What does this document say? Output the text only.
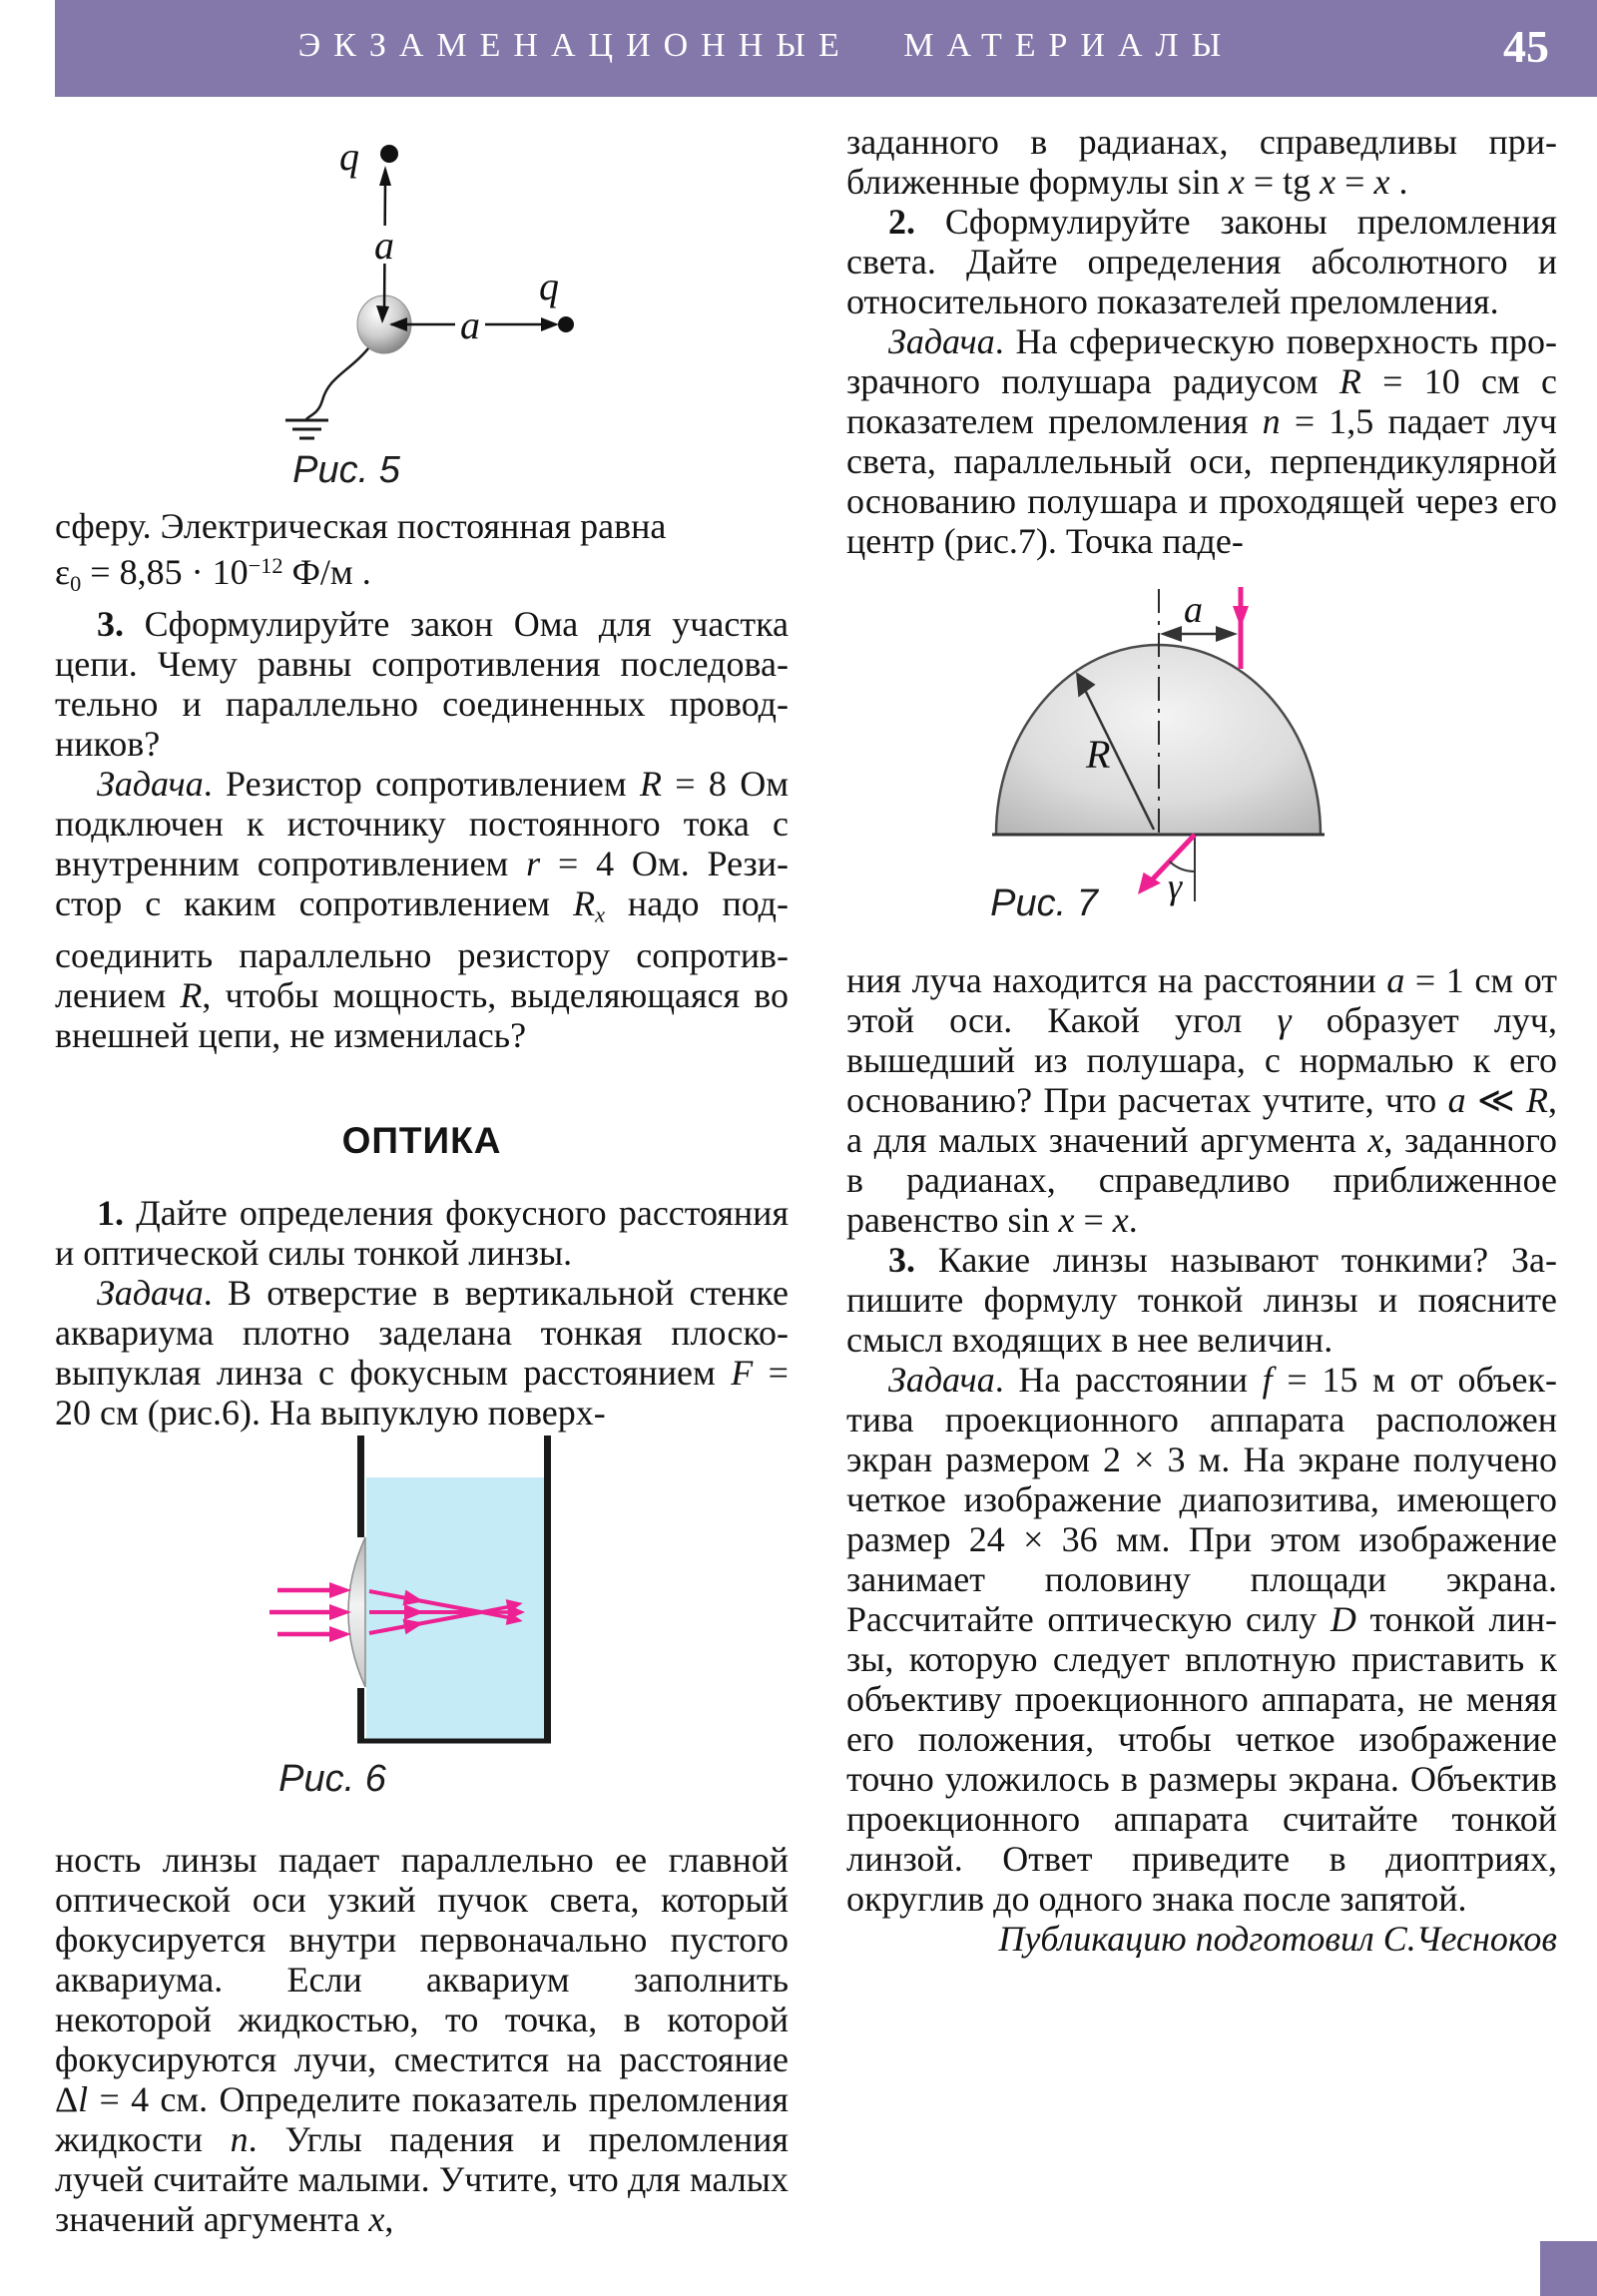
ЭКЗАМЕНАЦИОННЫЕ МАТЕРИАЛЫ	45
a
a
q
q
Рис. 5
Рис. 6
a
R
γ
Рис. 7

сферу. Электрическая постоянная равна

$\varepsilon 0 = 8,85 \cdot 10^{-12}$ Ф/м .

3. Сформулируйте закон Ома для участка цепи. Чему равны сопротивления последовательно и параллельно соединенных проводников?

Задача. Резистор сопротивлением R = 8 Ом подключен к источнику постоянного тока с внутренним сопротивлением r = 4 Ом. Резистор с каким сопротивлением Rx надо подсоединить параллельно резистору сопротивлением R, чтобы мощность, выделяющаяся во внешней цепи, не изменилась?

ОПТИКА

1. Дайте определения фокусного расстояния и оптической силы тонкой линзы.

Задача. В отверстие в вертикальной стенке аквариума плотно заделана тонкая плосковыпуклая линза с фокусным расстоянием F = 20 см (рис.6). На выпуклую поверх-

ность линзы падает параллельно ее главной оптической оси узкий пучок света, который фокусируется внутри первоначально пустого аквариума. Если аквариум заполнить некоторой жидкостью, то точка, в которой фокусируются лучи, сместится на расстояние Δl = 4 см. Определите показатель преломления жидкости n. Углы падения и преломления лучей считайте малыми. Учтите, что для малых значений аргумента x,

заданного в радианах, справедливы приближенные формулы sin x = tg x = x .

2. Сформулируйте законы преломления света. Дайте определения абсолютного и относительного показателей преломления.

Задача. На сферическую поверхность прозрачного полушара радиусом R = 10 см с показателем преломления n = 1,5 падает луч света, параллельный оси, перпендикулярной основанию полушара и проходящей через его центр (рис.7). Точка паде-

ния луча находится на расстоянии a = 1 см от этой оси. Какой угол γ образует луч, вышедший из полушара, с нормалью к его основанию? При расчетах учтите, что a ≪ R, а для малых значений аргумента x, заданного в радианах, справедливо приближенное равенство sin x = x.

3. Какие линзы называют тонкими? Запишите формулу тонкой линзы и поясните смысл входящих в нее величин.

Задача. На расстоянии f = 15 м от объектива проекционного аппарата расположен экран размером 2 × 3 м. На экране получено четкое изображение диапозитива, имеющего размер 24 × 36 мм. При этом изображение занимает половину площади экрана. Рассчитайте оптическую силу D тонкой линзы, которую следует вплотную приставить к объективу проекционного аппарата, не меняя его положения, чтобы четкое изображение точно уложилось в размеры экрана. Объектив проекционного аппарата считайте тонкой линзой. Ответ приведите в диоптриях, округлив до одного знака после запятой.

Публикацию подготовил С.Чесноков
